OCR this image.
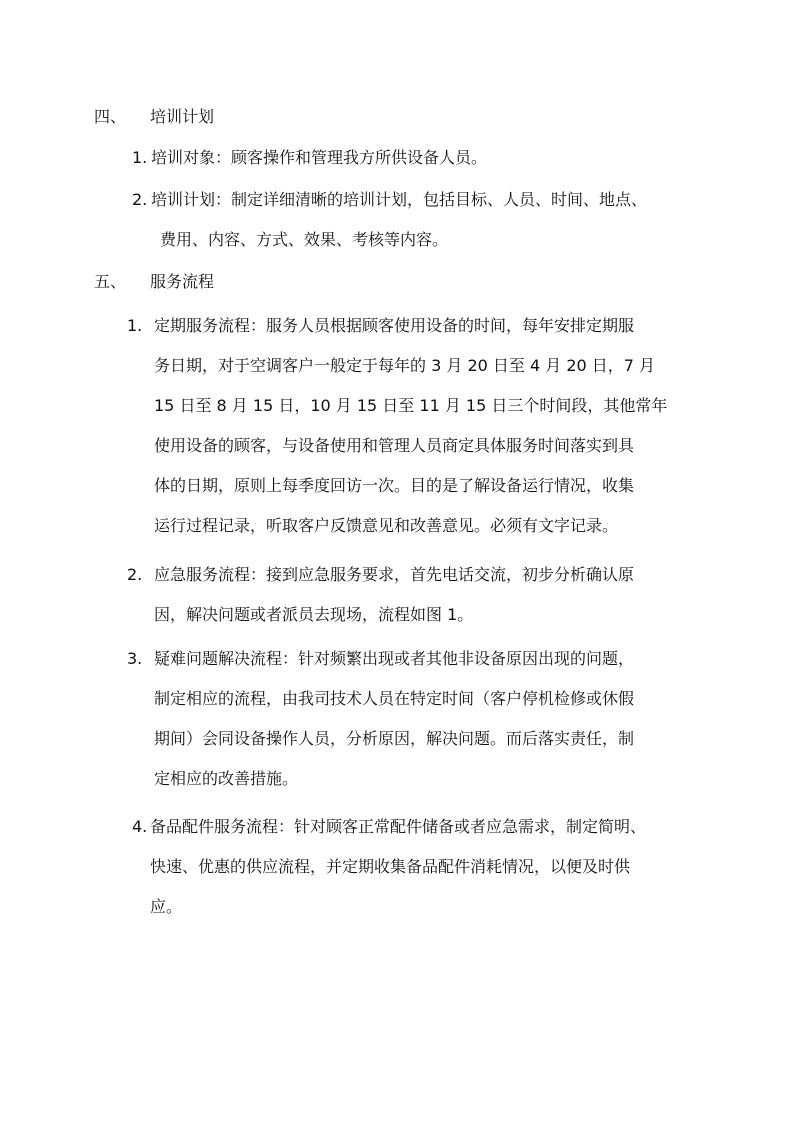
四、 培训计划
1. 培训对象：顾客操作和管理我方所供设备人员。
2. 培训计划：制定详细清晰的培训计划，包括目标、人员、时间、地点、
费用、内容、方式、效果、考核等内容。
五、 服务流程
1. 定期服务流程：服务人员根据顾客使用设备的时间，每年安排定期服
务日期，对于空调客户一般定于每年的 3 月 20 日至 4 月 20 日，7 月
15 日至 8 月 15 日，10 月 15 日至 11 月 15 日三个时间段，其他常年
使用设备的顾客，与设备使用和管理人员商定具体服务时间落实到具
体的日期，原则上每季度回访一次。目的是了解设备运行情况，收集
运行过程记录，听取客户反馈意见和改善意见。必须有文字记录。
2. 应急服务流程：接到应急服务要求，首先电话交流，初步分析确认原
因，解决问题或者派员去现场，流程如图 1。
3. 疑难问题解决流程：针对频繁出现或者其他非设备原因出现的问题，
制定相应的流程，由我司技术人员在特定时间（客户停机检修或休假
期间）会同设备操作人员，分析原因，解决问题。而后落实责任，制
定相应的改善措施。
4. 备品配件服务流程：针对顾客正常配件储备或者应急需求，制定简明、
快速、优惠的供应流程，并定期收集备品配件消耗情况，以便及时供
应。
